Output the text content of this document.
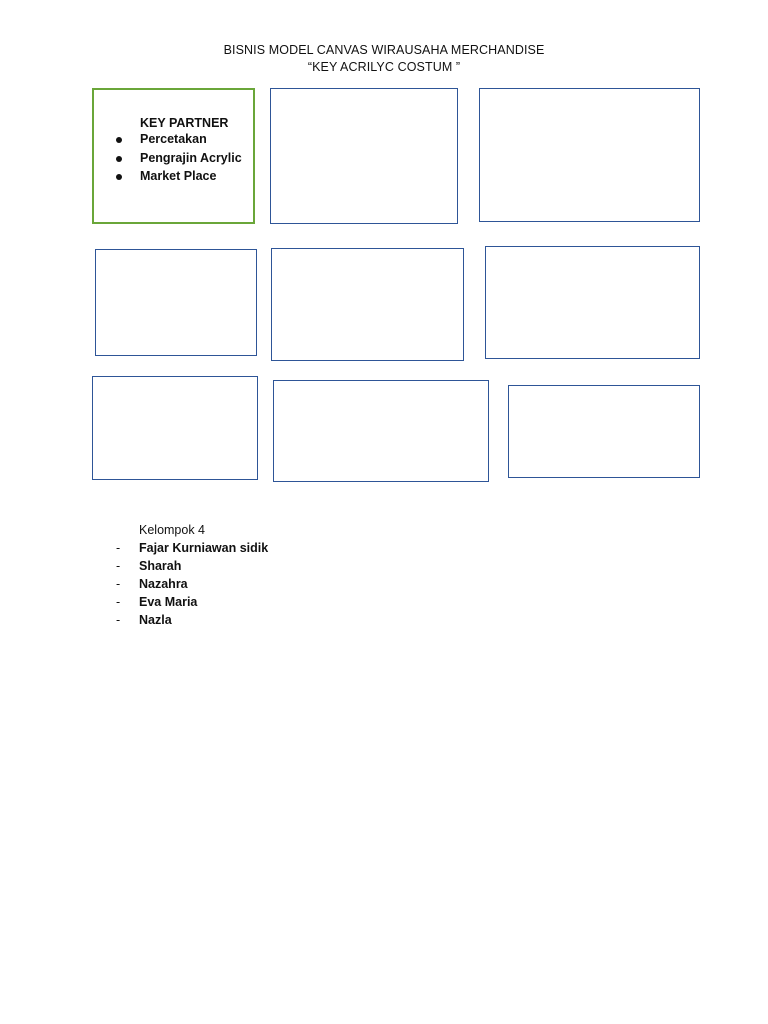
BISNIS MODEL CANVAS WIRAUSAHA MERCHANDISE
“KEY ACRILYC COSTUM ”
KEY PARTNER
Percetakan
Pengrajin Acrylic
Market Place
Kelompok 4
- Fajar Kurniawan sidik
- Sharah
- Nazahra
- Eva Maria
- Nazla
